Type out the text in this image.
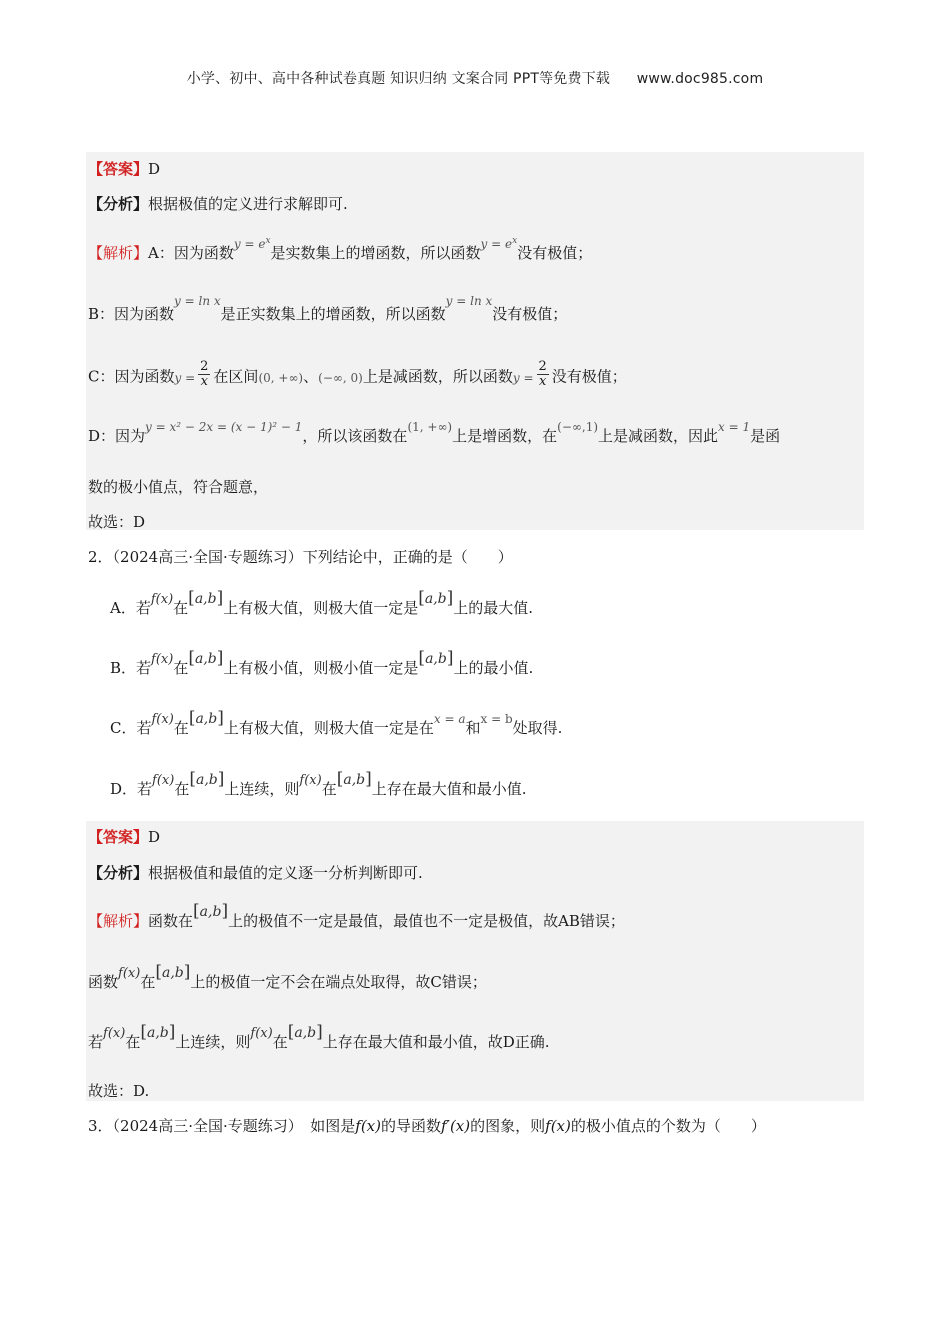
小学、初中、高中各种试卷真题 知识归纳 文案合同 PPT等免费下载 www.doc985.com
【答案】D
【分析】根据极值的定义进行求解即可.
【解析】A：因为函数$^{y = e^x}$是实数集上的增函数，所以函数$^{y = e^x}$没有极值；
B：因为函数$^{y = ln x}$是正实数集上的增函数，所以函数$^{y = ln x}$没有极值；
C：因为函数$y = \frac{2}{x}$ 在区间(0, +∞)、(−∞, 0)上是减函数，所以函数$y = \frac{2}{x}$ 没有极值；
D：因为$^{y = x^2 - 2x = (x - 1)^2 - 1}$，所以该函数在$^{(1, +\infty)}$上是增函数，在$^{(-\infty,1)}$上是减函数，因此$^{x = 1}$是函
数的极小值点，符合题意，
故选：D
2．（2024高三·全国·专题练习）下列结论中，正确的是（　　）
A．若f(x)在[a,b]上有极大值，则极大值一定是[a,b]上的最大值.
B．若f(x)在[a,b]上有极小值，则极小值一定是[a,b]上的最小值.
C．若f(x)在[a,b]上有极大值，则极大值一定是在$^{x = a}$和$^{x = b}$处取得.
D．若f(x)在[a,b]上连续，则f(x)在[a,b]上存在最大值和最小值.
【答案】D
【分析】根据极值和最值的定义逐一分析判断即可.
【解析】函数在[a,b]上的极值不一定是最值，最值也不一定是极值，故AB错误；
函数f(x)在[a,b]上的极值一定不会在端点处取得，故C错误；
若f(x)在[a,b]上连续，则f(x)在[a,b]上存在最大值和最小值，故D正确.
故选：D.
3．（2024高三·全国·专题练习）　如图是f(x)的导函数f′(x)的图象，则f(x)的极小值点的个数为（　　）
